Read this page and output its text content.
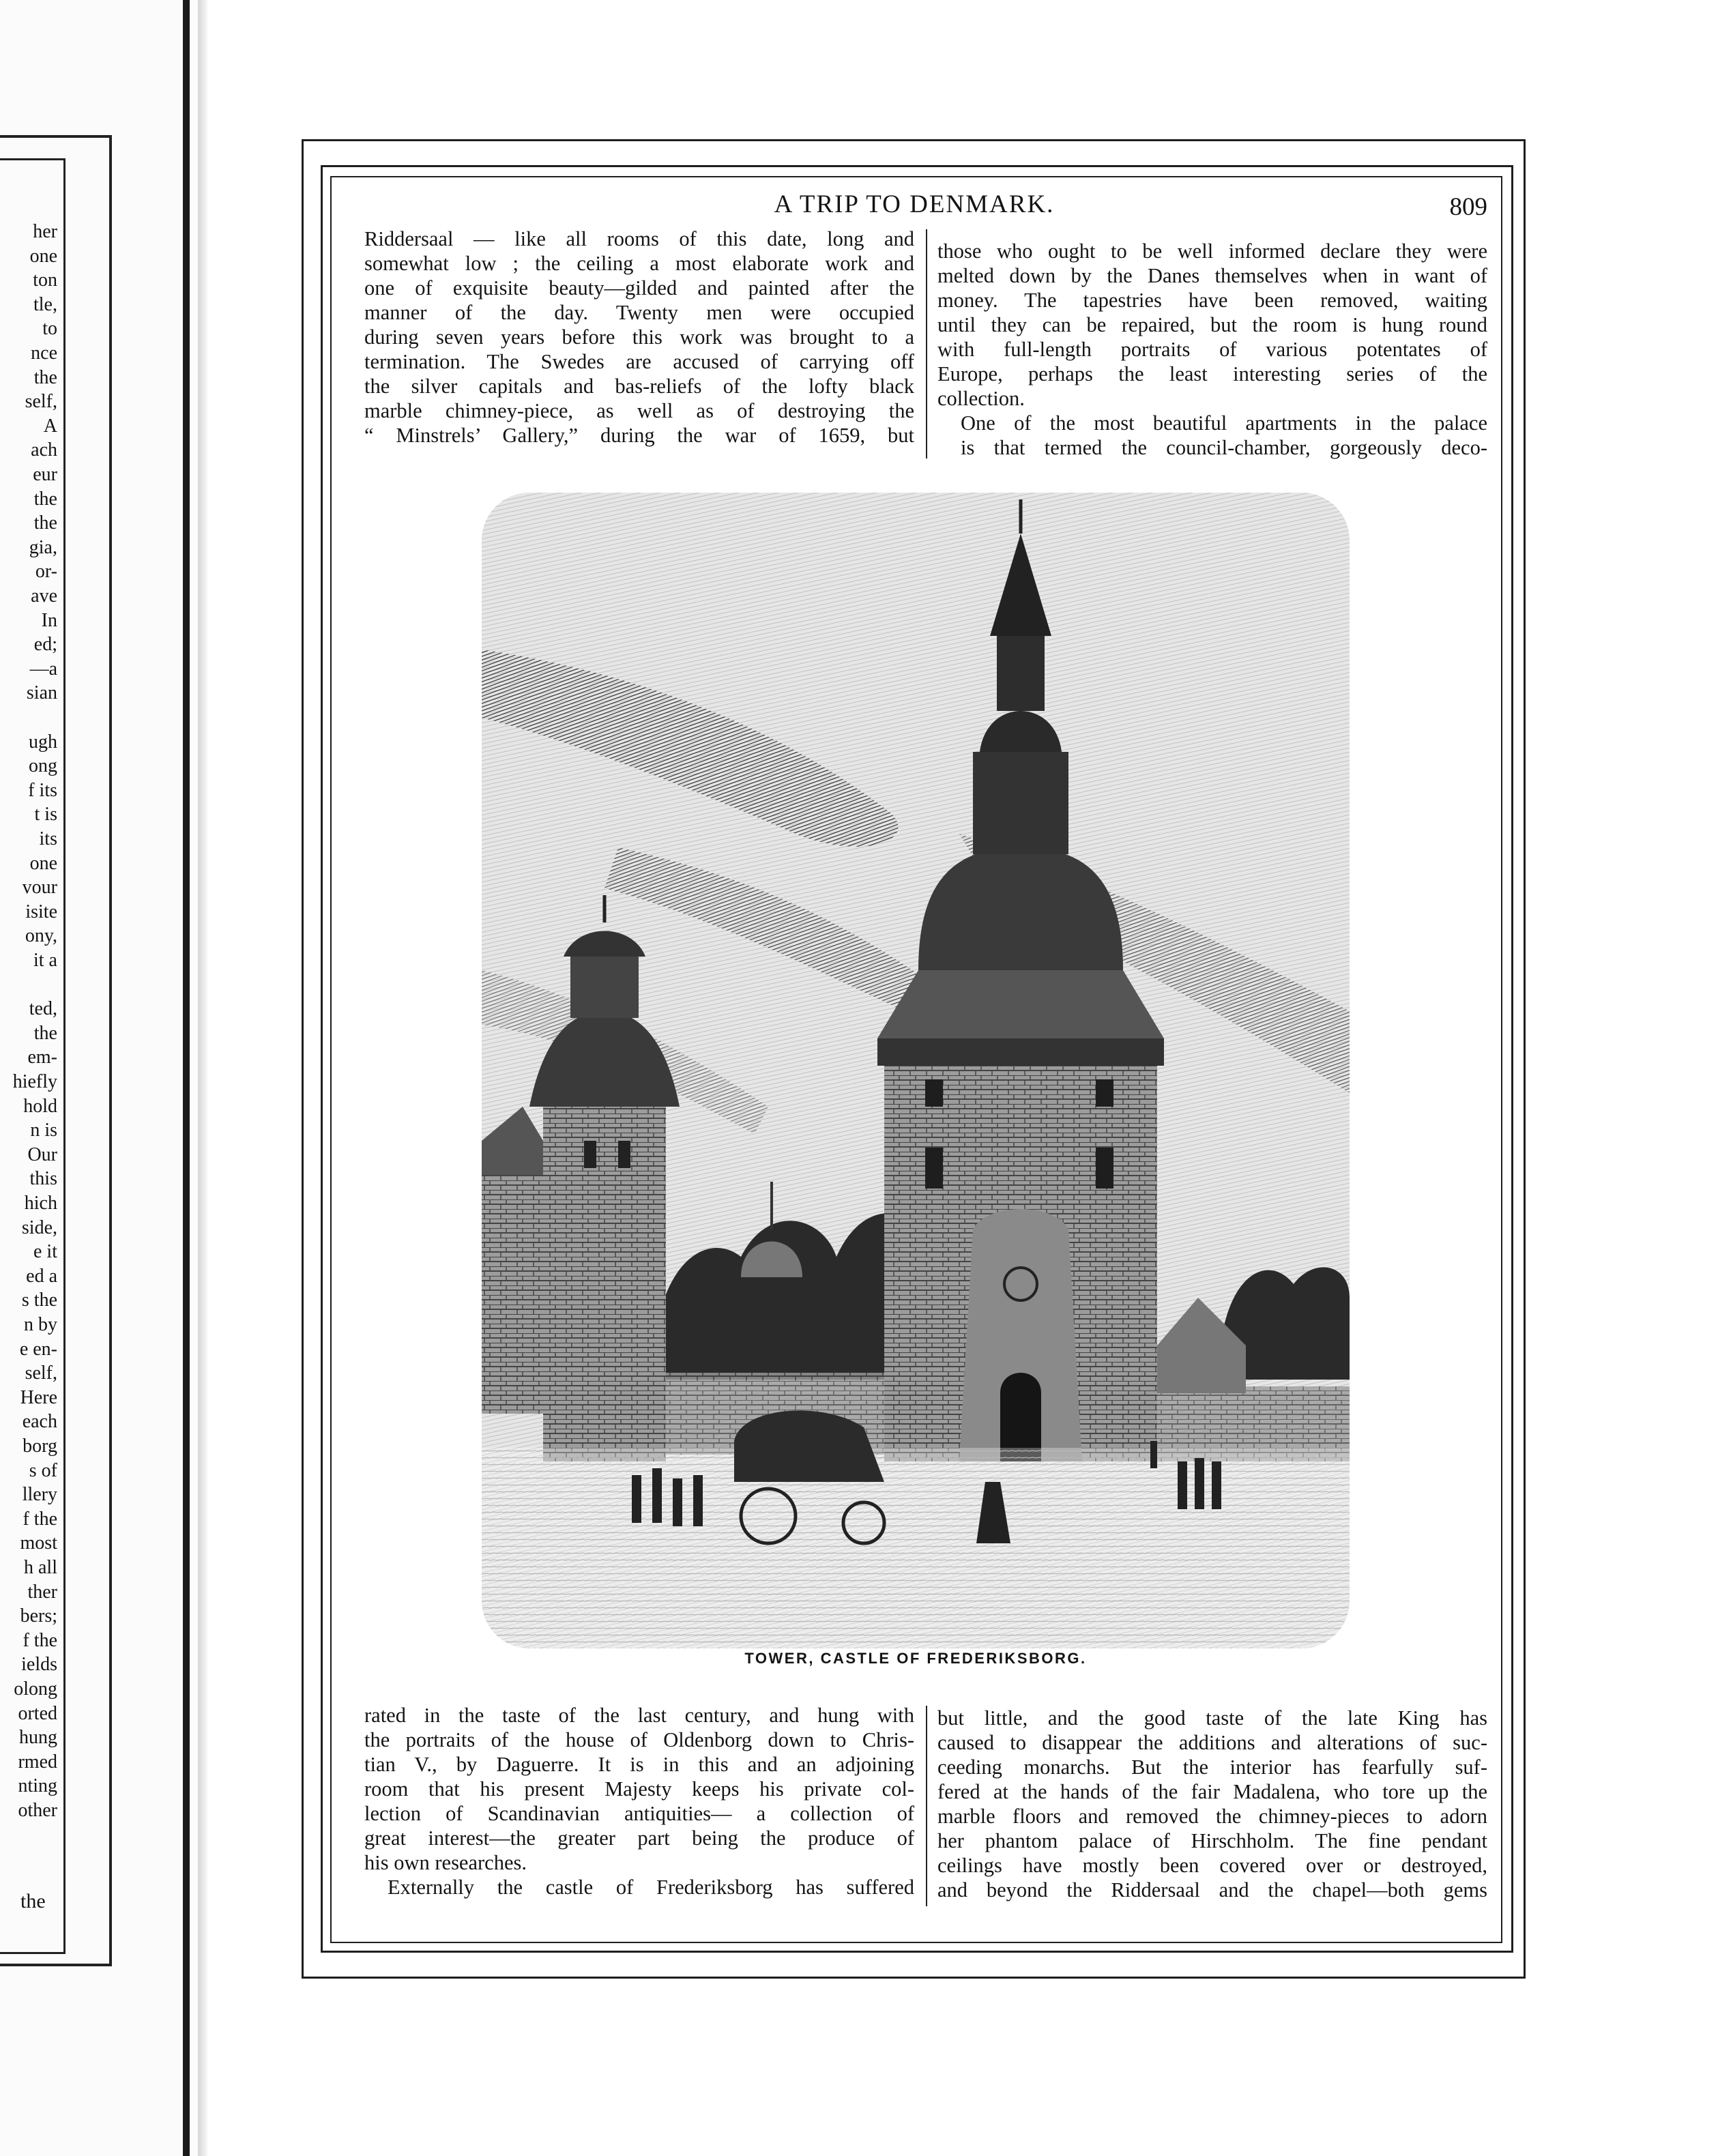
her
one
ton
tle,
to
nce
the
self,
A
ach
eur
the
the
gia,
or-
ave
In
ed;
—a
sian
ugh
ong
f its
t is
its
one
vour
isite
ony,
it a
ted,
the
em-
hiefly
hold
n is
Our
this
hich
side,
e it
ed a
s the
n by
e en-
self,
Here
each
borg
s of
llery
f the
most
h all
ther
bers;
f the
ields
olong
orted
hung
rmed
nting
other
the
A TRIP TO DENMARK.	809

Riddersaal — like all rooms of this date, long and
somewhat low ; the ceiling a most elaborate work and
one of exquisite beauty—gilded and painted after the
manner of the day. Twenty men were occupied
during seven years before this work was brought to a
termination. The Swedes are accused of carrying off
the silver capitals and bas-reliefs of the lofty black
marble chimney-piece, as well as of destroying the
“ Minstrels’ Gallery,” during the war of 1659, but

those who ought to be well informed declare they were
melted down by the Danes themselves when in want of
money. The tapestries have been removed, waiting
until they can be repaired, but the room is hung round
with full-length portraits of various potentates of
Europe, perhaps the least interesting series of the
collection.

One of the most beautiful apartments in the palace
is that termed the council-chamber, gorgeously deco-

TOWER, CASTLE OF FREDERIKSBORG.

rated in the taste of the last century, and hung with
the portraits of the house of Oldenborg down to Chris-
tian V., by Daguerre. It is in this and an adjoining
room that his present Majesty keeps his private col-
lection of Scandinavian antiquities— a collection of
great interest—the greater part being the produce of
his own researches.

Externally the castle of Frederiksborg has suffered

but little, and the good taste of the late King has
caused to disappear the additions and alterations of suc-
ceeding monarchs. But the interior has fearfully suf-
fered at the hands of the fair Madalena, who tore up the
marble floors and removed the chimney-pieces to adorn
her phantom palace of Hirschholm. The fine pendant
ceilings have mostly been covered over or destroyed,
and beyond the Riddersaal and the chapel—both gems
